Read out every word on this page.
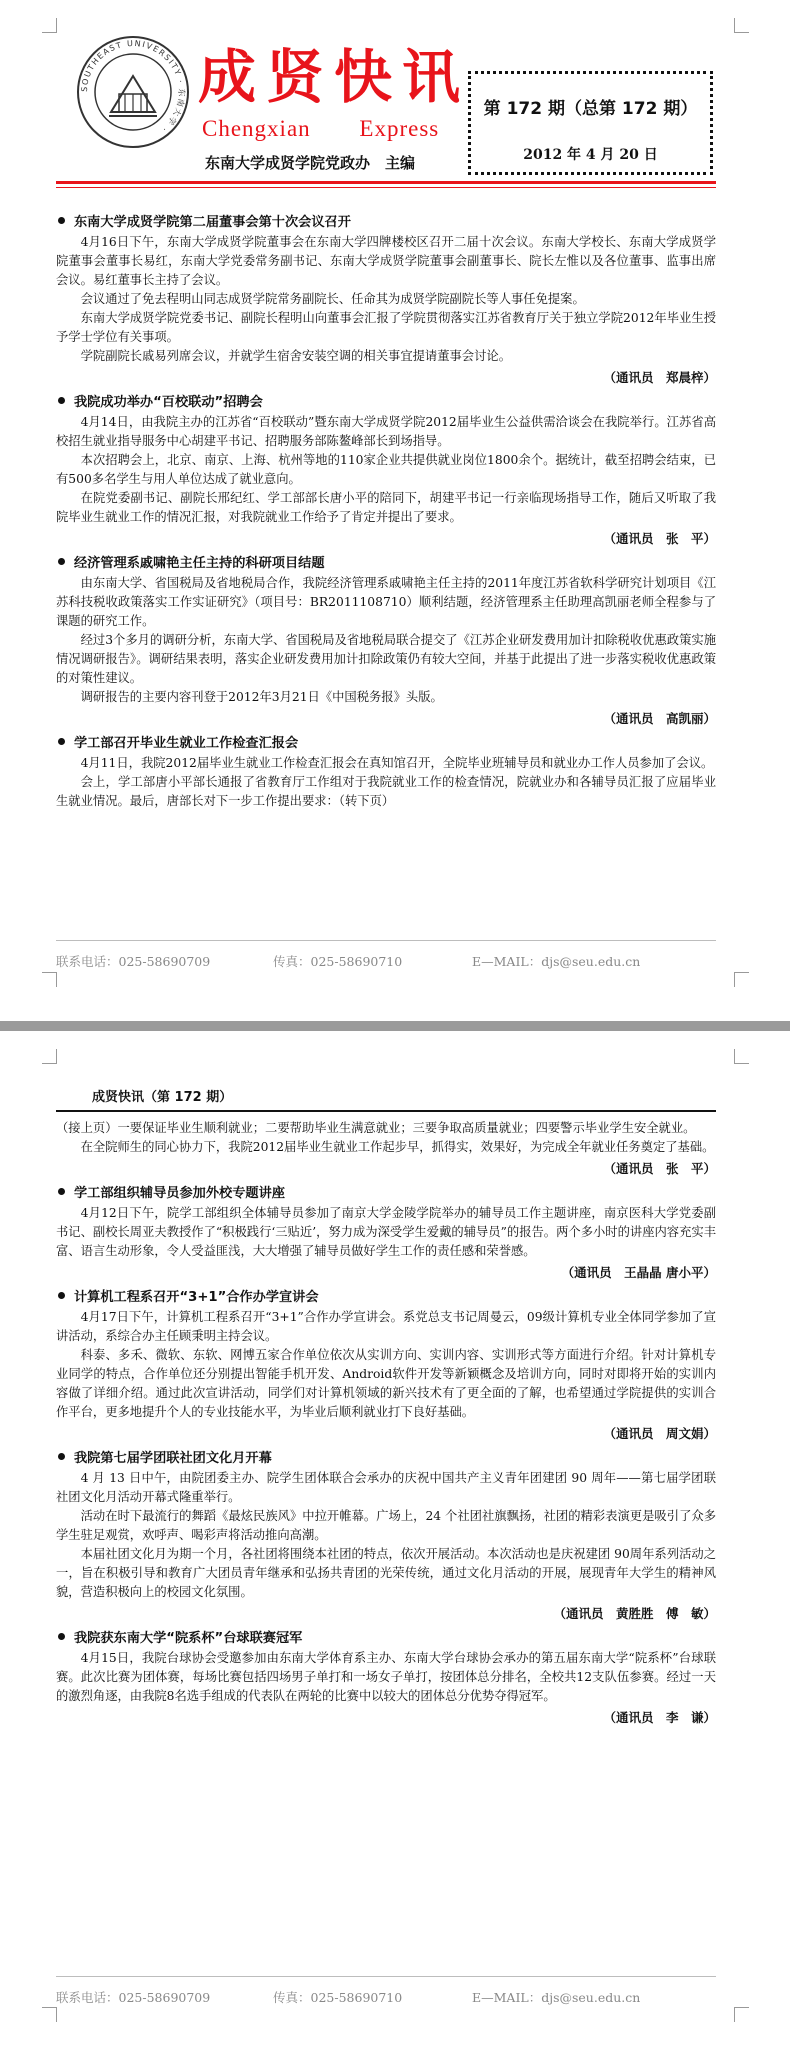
SOUTHEAST UNIVERSITY · 东南大学 ·
成贤快讯
Chengxian Express
东南大学成贤学院党政办　主编
第 172 期（总第 172 期）
2012 年 4 月 20 日

东南大学成贤学院第二届董事会第十次会议召开

4月16日下午，东南大学成贤学院董事会在东南大学四牌楼校区召开二届十次会议。东南大学校长、东南大学成贤学院董事会董事长易红，东南大学党委常务副书记、东南大学成贤学院董事会副董事长、院长左惟以及各位董事、监事出席会议。易红董事长主持了会议。

会议通过了免去程明山同志成贤学院常务副院长、任命其为成贤学院副院长等人事任免提案。

东南大学成贤学院党委书记、副院长程明山向董事会汇报了学院贯彻落实江苏省教育厅关于独立学院2012年毕业生授予学士学位有关事项。

学院副院长戚易列席会议，并就学生宿舍安装空调的相关事宜提请董事会讨论。

（通讯员　郑晨梓）

我院成功举办“百校联动”招聘会

4月14日，由我院主办的江苏省“百校联动”暨东南大学成贤学院2012届毕业生公益供需洽谈会在我院举行。江苏省高校招生就业指导服务中心胡建平书记、招聘服务部陈鳌峰部长到场指导。

本次招聘会上，北京、南京、上海、杭州等地的110家企业共提供就业岗位1800余个。据统计，截至招聘会结束，已有500多名学生与用人单位达成了就业意向。

在院党委副书记、副院长邢纪红、学工部部长唐小平的陪同下，胡建平书记一行亲临现场指导工作，随后又听取了我院毕业生就业工作的情况汇报，对我院就业工作给予了肯定并提出了要求。

（通讯员　张　平）

经济管理系戚啸艳主任主持的科研项目结题

由东南大学、省国税局及省地税局合作，我院经济管理系戚啸艳主任主持的2011年度江苏省软科学研究计划项目《江苏科技税收政策落实工作实证研究》（项目号：BR2011108710）顺利结题，经济管理系主任助理高凯丽老师全程参与了课题的研究工作。

经过3个多月的调研分析，东南大学、省国税局及省地税局联合提交了《江苏企业研发费用加计扣除税收优惠政策实施情况调研报告》。调研结果表明，落实企业研发费用加计扣除政策仍有较大空间，并基于此提出了进一步落实税收优惠政策的对策性建议。

调研报告的主要内容刊登于2012年3月21日《中国税务报》头版。

（通讯员　高凯丽）

学工部召开毕业生就业工作检查汇报会

4月11日，我院2012届毕业生就业工作检查汇报会在真知馆召开，全院毕业班辅导员和就业办工作人员参加了会议。

会上，学工部唐小平部长通报了省教育厅工作组对于我院就业工作的检查情况，院就业办和各辅导员汇报了应届毕业生就业情况。最后，唐部长对下一步工作提出要求：（转下页）

联系电话：025-58690709	传真：025-58690710	E—MAIL：djs@seu.edu.cn
成贤快讯（第 172 期）

（接上页）一要保证毕业生顺利就业；二要帮助毕业生满意就业；三要争取高质量就业；四要警示毕业学生安全就业。

在全院师生的同心协力下，我院2012届毕业生就业工作起步早，抓得实，效果好，为完成全年就业任务奠定了基础。

（通讯员　张　平）

学工部组织辅导员参加外校专题讲座

4月12日下午，院学工部组织全体辅导员参加了南京大学金陵学院举办的辅导员工作主题讲座，南京医科大学党委副书记、副校长周亚夫教授作了“积极践行‘三贴近’，努力成为深受学生爱戴的辅导员”的报告。两个多小时的讲座内容充实丰富、语言生动形象，令人受益匪浅，大大增强了辅导员做好学生工作的责任感和荣誉感。

（通讯员　王晶晶 唐小平）

计算机工程系召开“3+1”合作办学宣讲会

4月17日下午，计算机工程系召开“3+1”合作办学宣讲会。系党总支书记周曼云，09级计算机专业全体同学参加了宣讲活动，系综合办主任顾秉明主持会议。

科泰、多禾、微软、东软、网博五家合作单位依次从实训方向、实训内容、实训形式等方面进行介绍。针对计算机专业同学的特点，合作单位还分别提出智能手机开发、Android软件开发等新颖概念及培训方向，同时对即将开始的实训内容做了详细介绍。通过此次宣讲活动，同学们对计算机领域的新兴技术有了更全面的了解，也希望通过学院提供的实训合作平台，更多地提升个人的专业技能水平，为毕业后顺利就业打下良好基础。

（通讯员　周文娟）

我院第七届学团联社团文化月开幕

4 月 13 日中午，由院团委主办、院学生团体联合会承办的庆祝中国共产主义青年团建团 90 周年——第七届学团联社团文化月活动开幕式隆重举行。

活动在时下最流行的舞蹈《最炫民族风》中拉开帷幕。广场上，24 个社团社旗飘扬，社团的精彩表演更是吸引了众多学生驻足观赏，欢呼声、喝彩声将活动推向高潮。

本届社团文化月为期一个月，各社团将围绕本社团的特点，依次开展活动。本次活动也是庆祝建团 90周年系列活动之一，旨在积极引导和教育广大团员青年继承和弘扬共青团的光荣传统，通过文化月活动的开展，展现青年大学生的精神风貌，营造积极向上的校园文化氛围。

（通讯员　黄胜胜　傅　敏）

我院获东南大学“院系杯”台球联赛冠军

4月15日，我院台球协会受邀参加由东南大学体育系主办、东南大学台球协会承办的第五届东南大学“院系杯”台球联赛。此次比赛为团体赛，每场比赛包括四场男子单打和一场女子单打，按团体总分排名，全校共12支队伍参赛。经过一天的激烈角逐，由我院8名选手组成的代表队在两轮的比赛中以较大的团体总分优势夺得冠军。

（通讯员　李　谦）

联系电话：025-58690709	传真：025-58690710	E—MAIL：djs@seu.edu.cn
